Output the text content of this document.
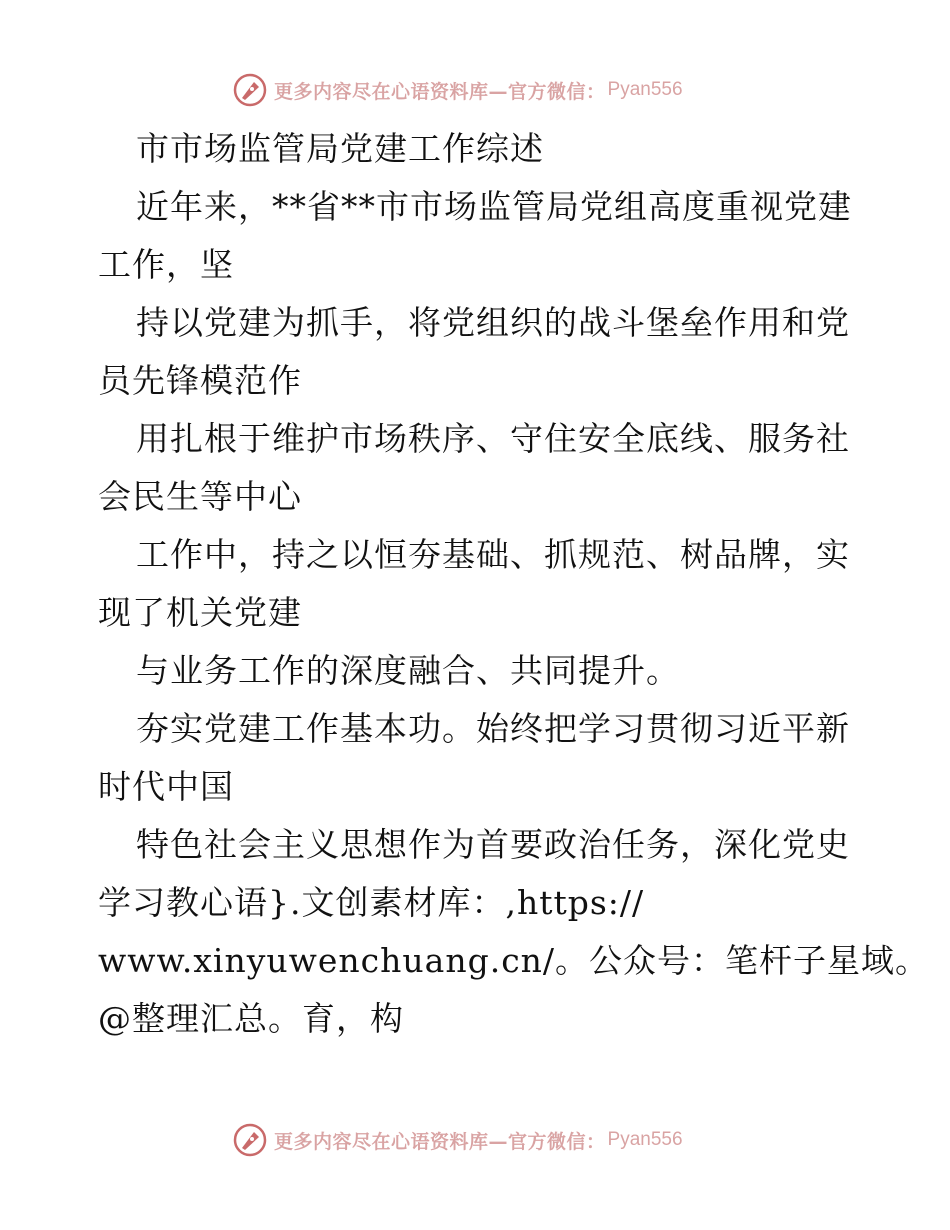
更多内容尽在心语资料库—官方微信： Pyan556
市市场监管局党建工作综述
近年来，**省**市市场监管局党组高度重视党建
工作，坚
持以党建为抓手，将党组织的战斗堡垒作用和党
员先锋模范作
用扎根于维护市场秩序、守住安全底线、服务社
会民生等中心
工作中，持之以恒夯基础、抓规范、树品牌，实
现了机关党建
与业务工作的深度融合、共同提升。
夯实党建工作基本功。始终把学习贯彻习近平新
时代中国
特色社会主义思想作为首要政治任务，深化党史
学习教心语}.文创素材库：,https://
www.xinyuwenchuang.cn/。公众号：笔杆子星域。
@整理汇总。育，构
更多内容尽在心语资料库—官方微信： Pyan556
